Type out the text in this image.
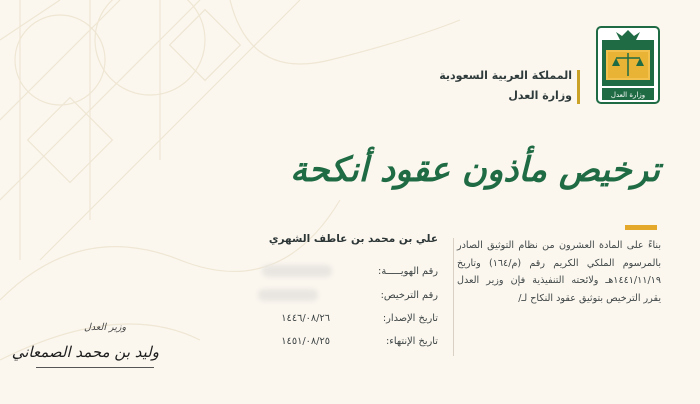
وزارة العدل
المملكة العربية السعودية
وزارة العدل
ترخيص مأذون عقود أنكحة
بناءً على المادة العشرون من نظام التوثيق الصادر بالمرسوم الملكي الكريم رقم (م/١٦٤) وتاريخ ١٤٤١/١١/١٩هـ ولائحته التنفيذية فإن وزير العدل يقرر الترخيص بتوثيق عقود النكاح لـ/
علي بن محمد بن عاطف الشهري
رقم الهويـــــة:
رقم الترخيص:
تاريخ الإصدار:
١٤٤٦/٠٨/٢٦
تاريخ الإنتهاء:
١٤٥١/٠٨/٢٥
وزير العدل
وليد بن محمد الصمعاني
